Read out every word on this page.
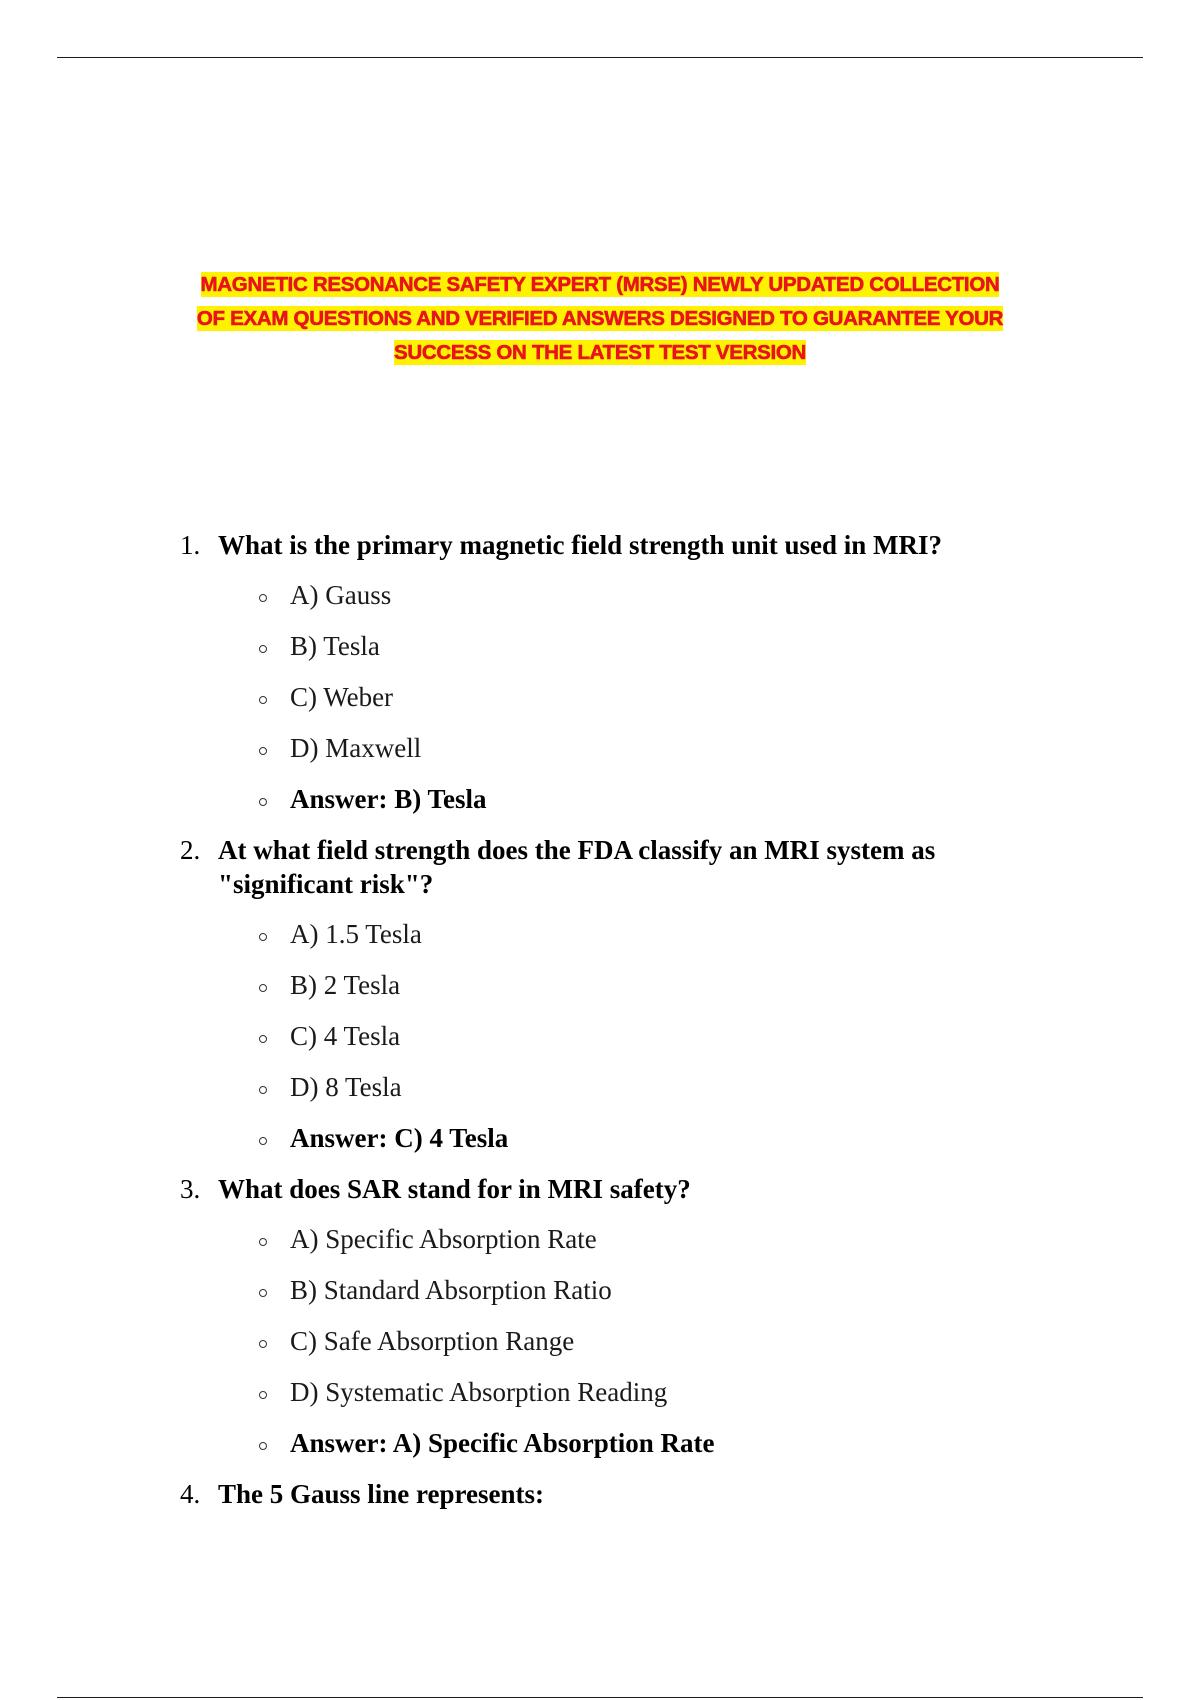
MAGNETIC RESONANCE SAFETY EXPERT (MRSE) NEWLY UPDATED COLLECTION
OF EXAM QUESTIONS AND VERIFIED ANSWERS DESIGNED TO GUARANTEE YOUR
SUCCESS ON THE LATEST TEST VERSION
1. What is the primary magnetic field strength unit used in MRI?
A) Gauss
B) Tesla
C) Weber
D) Maxwell
Answer: B) Tesla
2. At what field strength does the FDA classify an MRI system as
"significant risk"?
A) 1.5 Tesla
B) 2 Tesla
C) 4 Tesla
D) 8 Tesla
Answer: C) 4 Tesla
3. What does SAR stand for in MRI safety?
A) Specific Absorption Rate
B) Standard Absorption Ratio
C) Safe Absorption Range
D) Systematic Absorption Reading
Answer: A) Specific Absorption Rate
4. The 5 Gauss line represents:
